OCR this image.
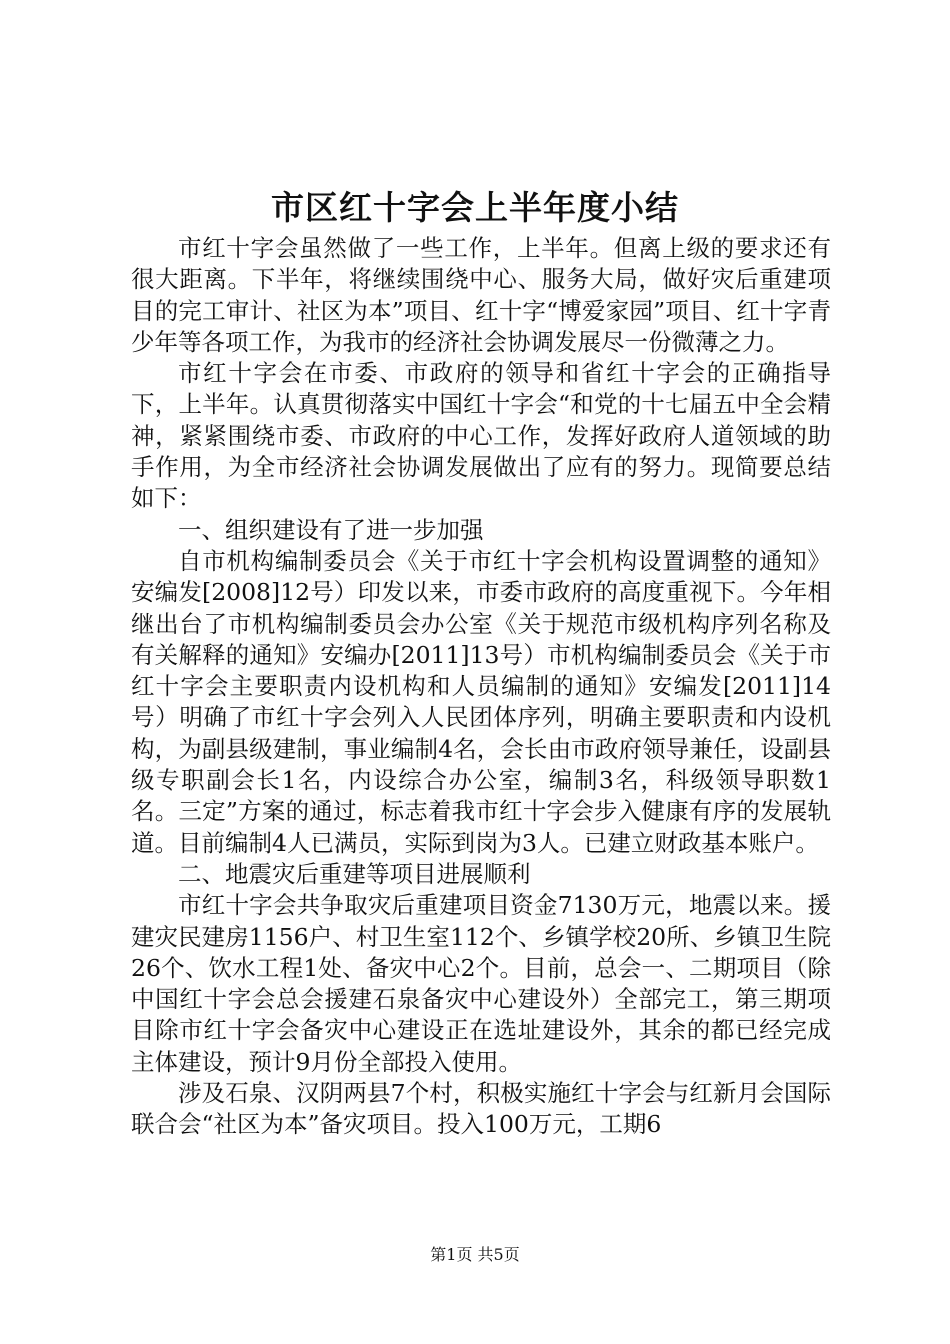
市区红十字会上半年度小结

市红十字会虽然做了一些工作，上半年。但离上级的要求还有很大距离。下半年，将继续围绕中心、服务大局，做好灾后重建项目的完工审计、社区为本”项目、红十字“博爱家园”项目、红十字青少年等各项工作，为我市的经济社会协调发展尽一份微薄之力。

市红十字会在市委、市政府的领导和省红十字会的正确指导下，上半年。认真贯彻落实中国红十字会“和党的十七届五中全会精神，紧紧围绕市委、市政府的中心工作，发挥好政府人道领域的助手作用，为全市经济社会协调发展做出了应有的努力。现简要总结如下：

一、组织建设有了进一步加强

自市机构编制委员会《关于市红十字会机构设置调整的通知》安编发[2008]12号）印发以来，市委市政府的高度重视下。今年相继出台了市机构编制委员会办公室《关于规范市级机构序列名称及有关解释的通知》安编办[2011]13号）市机构编制委员会《关于市红十字会主要职责内设机构和人员编制的通知》安编发[2011]14号）明确了市红十字会列入人民团体序列，明确主要职责和内设机构，为副县级建制，事业编制4名，会长由市政府领导兼任，设副县级专职副会长1名，内设综合办公室，编制3名，科级领导职数1名。三定”方案的通过，标志着我市红十字会步入健康有序的发展轨道。目前编制4人已满员，实际到岗为3人。已建立财政基本账户。

二、地震灾后重建等项目进展顺利

市红十字会共争取灾后重建项目资金7130万元，地震以来。援建灾民建房1156户、村卫生室112个、乡镇学校20所、乡镇卫生院26个、饮水工程1处、备灾中心2个。目前，总会一、二期项目（除中国红十字会总会援建石泉备灾中心建设外）全部完工，第三期项目除市红十字会备灾中心建设正在选址建设外，其余的都已经完成主体建设，预计9月份全部投入使用。

涉及石泉、汉阴两县7个村，积极实施红十字会与红新月会国际联合会“社区为本”备灾项目。投入100万元，工期6

第1页 共5页
